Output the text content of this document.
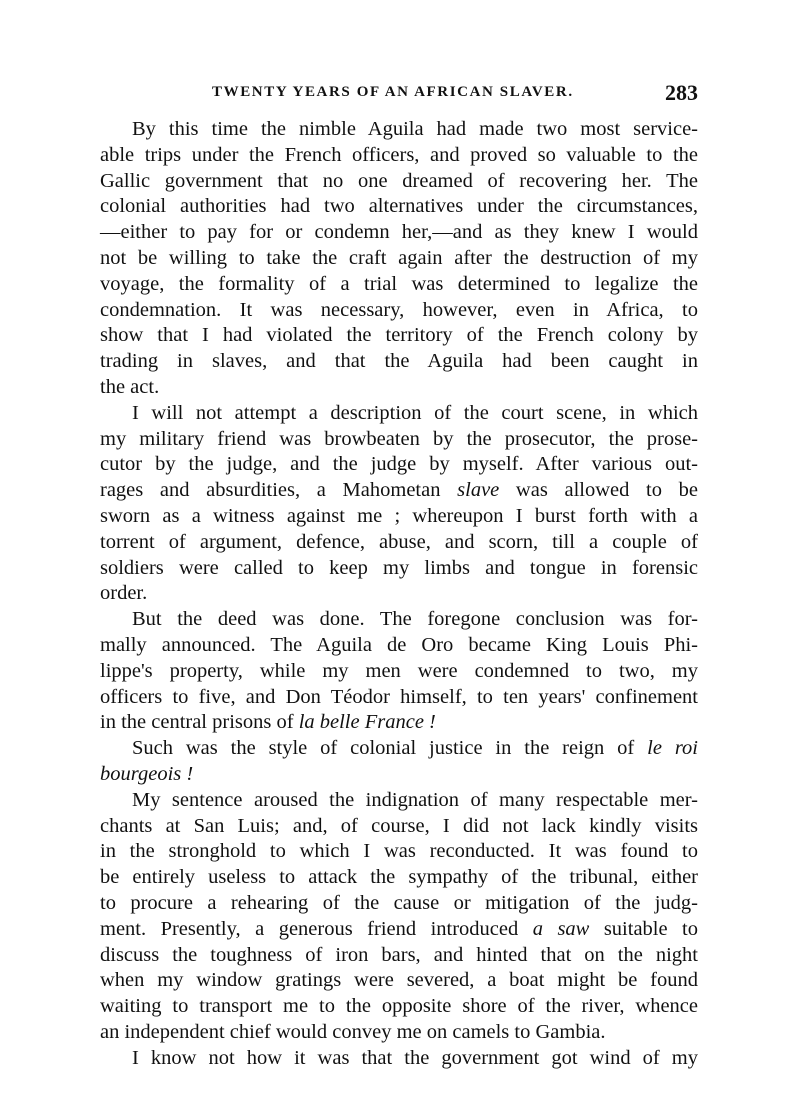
TWENTY YEARS OF AN AFRICAN SLAVER.	283
By this time the nimble Aguila had made two most service-
able trips under the French officers, and proved so valuable to the
Gallic government that no one dreamed of recovering her. The
colonial authorities had two alternatives under the circumstances,
—either to pay for or condemn her,—and as they knew I would
not be willing to take the craft again after the destruction of my
voyage, the formality of a trial was determined to legalize the
condemnation. It was necessary, however, even in Africa, to
show that I had violated the territory of the French colony by
trading in slaves, and that the Aguila had been caught in
the act.
I will not attempt a description of the court scene, in which
my military friend was browbeaten by the prosecutor, the prose-
cutor by the judge, and the judge by myself. After various out-
rages and absurdities, a Mahometan slave was allowed to be
sworn as a witness against me ; whereupon I burst forth with a
torrent of argument, defence, abuse, and scorn, till a couple of
soldiers were called to keep my limbs and tongue in forensic
order.
But the deed was done. The foregone conclusion was for-
mally announced. The Aguila de Oro became King Louis Phi-
lippe's property, while my men were condemned to two, my
officers to five, and Don Téodor himself, to ten years' confinement
in the central prisons of la belle France !
Such was the style of colonial justice in the reign of le roi
bourgeois !
My sentence aroused the indignation of many respectable mer-
chants at San Luis; and, of course, I did not lack kindly visits
in the stronghold to which I was reconducted. It was found to
be entirely useless to attack the sympathy of the tribunal, either
to procure a rehearing of the cause or mitigation of the judg-
ment. Presently, a generous friend introduced a saw suitable to
discuss the toughness of iron bars, and hinted that on the night
when my window gratings were severed, a boat might be found
waiting to transport me to the opposite shore of the river, whence
an independent chief would convey me on camels to Gambia.
I know not how it was that the government got wind of my
